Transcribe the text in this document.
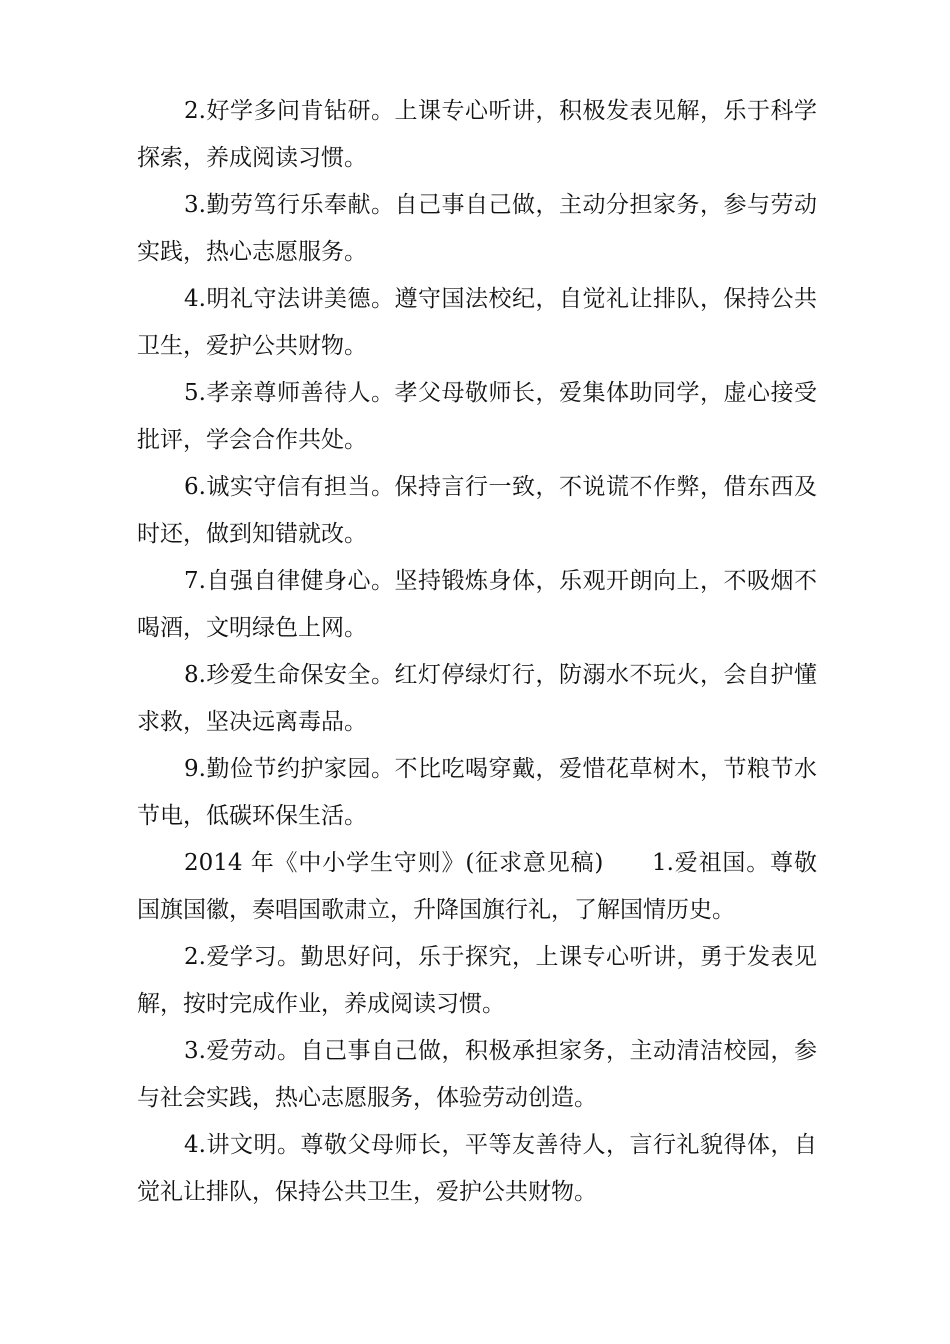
2.好学多问肯钻研。上课专心听讲，积极发表见解，乐于科学探索，养成阅读习惯。

3.勤劳笃行乐奉献。自己事自己做，主动分担家务，参与劳动实践，热心志愿服务。

4.明礼守法讲美德。遵守国法校纪，自觉礼让排队，保持公共卫生，爱护公共财物。

5.孝亲尊师善待人。孝父母敬师长，爱集体助同学，虚心接受批评，学会合作共处。

6.诚实守信有担当。保持言行一致，不说谎不作弊，借东西及时还，做到知错就改。

7.自强自律健身心。坚持锻炼身体，乐观开朗向上，不吸烟不喝酒，文明绿色上网。

8.珍爱生命保安全。红灯停绿灯行，防溺水不玩火，会自护懂求救，坚决远离毒品。

9.勤俭节约护家园。不比吃喝穿戴，爱惜花草树木，节粮节水节电，低碳环保生活。

2014 年《中小学生守则》(征求意见稿)　　1.爱祖国。尊敬国旗国徽，奏唱国歌肃立，升降国旗行礼，了解国情历史。

2.爱学习。勤思好问，乐于探究，上课专心听讲，勇于发表见解，按时完成作业，养成阅读习惯。

3.爱劳动。自己事自己做，积极承担家务，主动清洁校园，参与社会实践，热心志愿服务，体验劳动创造。

4.讲文明。尊敬父母师长，平等友善待人，言行礼貌得体，自觉礼让排队，保持公共卫生，爱护公共财物。
